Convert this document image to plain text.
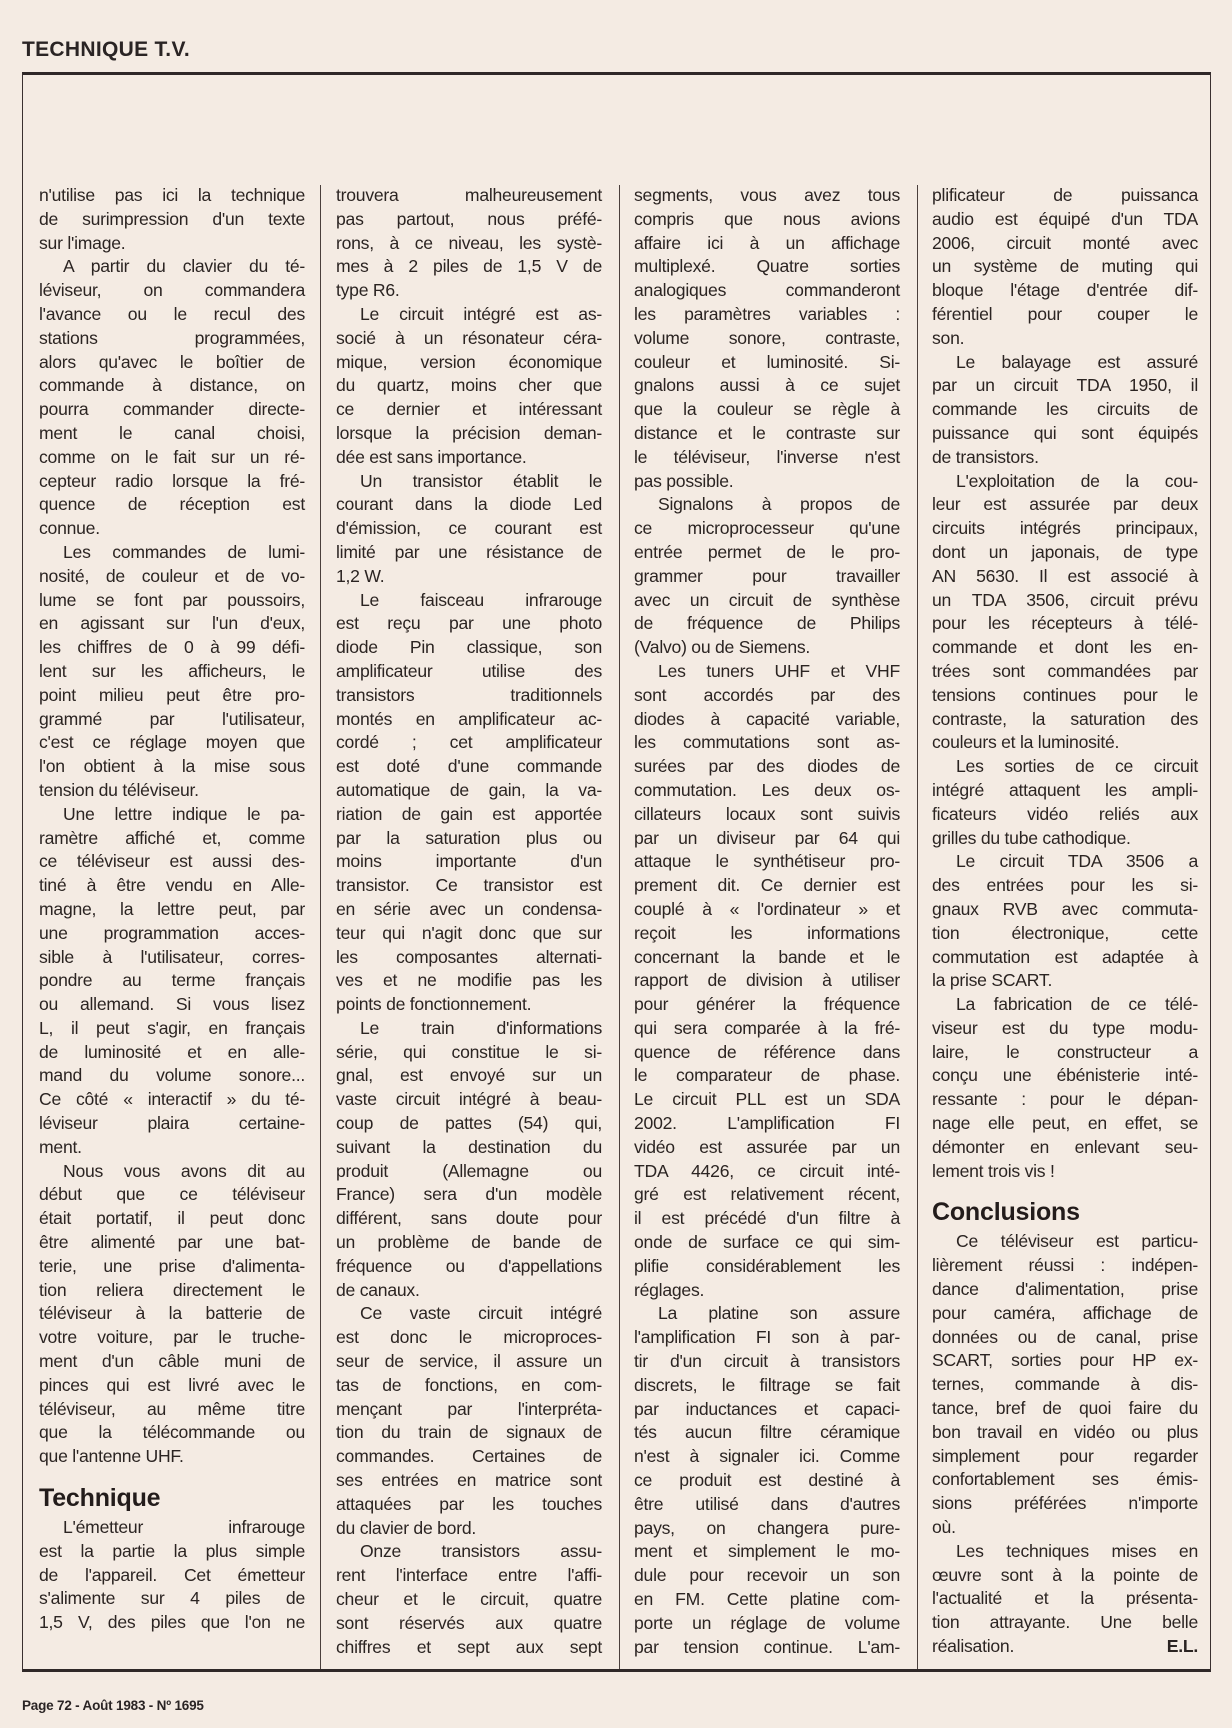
TECHNIQUE T.V.
n'utilise pas ici la technique
de surimpression d'un texte
sur l'image.
A partir du clavier du té-
léviseur, on commandera
l'avance ou le recul des
stations programmées,
alors qu'avec le boîtier de
commande à distance, on
pourra commander directe-
ment le canal choisi,
comme on le fait sur un ré-
cepteur radio lorsque la fré-
quence de réception est
connue.
Les commandes de lumi-
nosité, de couleur et de vo-
lume se font par poussoirs,
en agissant sur l'un d'eux,
les chiffres de 0 à 99 défi-
lent sur les afficheurs, le
point milieu peut être pro-
grammé par l'utilisateur,
c'est ce réglage moyen que
l'on obtient à la mise sous
tension du téléviseur.
Une lettre indique le pa-
ramètre affiché et, comme
ce téléviseur est aussi des-
tiné à être vendu en Alle-
magne, la lettre peut, par
une programmation acces-
sible à l'utilisateur, corres-
pondre au terme français
ou allemand. Si vous lisez
L, il peut s'agir, en français
de luminosité et en alle-
mand du volume sonore...
Ce côté « interactif » du té-
léviseur plaira certaine-
ment.
Nous vous avons dit au
début que ce téléviseur
était portatif, il peut donc
être alimenté par une bat-
terie, une prise d'alimenta-
tion reliera directement le
téléviseur à la batterie de
votre voiture, par le truche-
ment d'un câble muni de
pinces qui est livré avec le
téléviseur, au même titre
que la télécommande ou
que l'antenne UHF.
Technique
L'émetteur infrarouge
est la partie la plus simple
de l'appareil. Cet émetteur
s'alimente sur 4 piles de
1,5 V, des piles que l'on ne
trouvera malheureusement
pas partout, nous préfé-
rons, à ce niveau, les systè-
mes à 2 piles de 1,5 V de
type R6.
Le circuit intégré est as-
socié à un résonateur céra-
mique, version économique
du quartz, moins cher que
ce dernier et intéressant
lorsque la précision deman-
dée est sans importance.
Un transistor établit le
courant dans la diode Led
d'émission, ce courant est
limité par une résistance de
1,2 W.
Le faisceau infrarouge
est reçu par une photo
diode Pin classique, son
amplificateur utilise des
transistors traditionnels
montés en amplificateur ac-
cordé ; cet amplificateur
est doté d'une commande
automatique de gain, la va-
riation de gain est apportée
par la saturation plus ou
moins importante d'un
transistor. Ce transistor est
en série avec un condensa-
teur qui n'agit donc que sur
les composantes alternati-
ves et ne modifie pas les
points de fonctionnement.
Le train d'informations
série, qui constitue le si-
gnal, est envoyé sur un
vaste circuit intégré à beau-
coup de pattes (54) qui,
suivant la destination du
produit (Allemagne ou
France) sera d'un modèle
différent, sans doute pour
un problème de bande de
fréquence ou d'appellations
de canaux.
Ce vaste circuit intégré
est donc le microproces-
seur de service, il assure un
tas de fonctions, en com-
mençant par l'interpréta-
tion du train de signaux de
commandes. Certaines de
ses entrées en matrice sont
attaquées par les touches
du clavier de bord.
Onze transistors assu-
rent l'interface entre l'affi-
cheur et le circuit, quatre
sont réservés aux quatre
chiffres et sept aux sept
segments, vous avez tous
compris que nous avions
affaire ici à un affichage
multiplexé. Quatre sorties
analogiques commanderont
les paramètres variables :
volume sonore, contraste,
couleur et luminosité. Si-
gnalons aussi à ce sujet
que la couleur se règle à
distance et le contraste sur
le téléviseur, l'inverse n'est
pas possible.
Signalons à propos de
ce microprocesseur qu'une
entrée permet de le pro-
grammer pour travailler
avec un circuit de synthèse
de fréquence de Philips
(Valvo) ou de Siemens.
Les tuners UHF et VHF
sont accordés par des
diodes à capacité variable,
les commutations sont as-
surées par des diodes de
commutation. Les deux os-
cillateurs locaux sont suivis
par un diviseur par 64 qui
attaque le synthétiseur pro-
prement dit. Ce dernier est
couplé à « l'ordinateur » et
reçoit les informations
concernant la bande et le
rapport de division à utiliser
pour générer la fréquence
qui sera comparée à la fré-
quence de référence dans
le comparateur de phase.
Le circuit PLL est un SDA
2002. L'amplification FI
vidéo est assurée par un
TDA 4426, ce circuit inté-
gré est relativement récent,
il est précédé d'un filtre à
onde de surface ce qui sim-
plifie considérablement les
réglages.
La platine son assure
l'amplification FI son à par-
tir d'un circuit à transistors
discrets, le filtrage se fait
par inductances et capaci-
tés aucun filtre céramique
n'est à signaler ici. Comme
ce produit est destiné à
être utilisé dans d'autres
pays, on changera pure-
ment et simplement le mo-
dule pour recevoir un son
en FM. Cette platine com-
porte un réglage de volume
par tension continue. L'am-
plificateur de puissanca
audio est équipé d'un TDA
2006, circuit monté avec
un système de muting qui
bloque l'étage d'entrée dif-
férentiel pour couper le
son.
Le balayage est assuré
par un circuit TDA 1950, il
commande les circuits de
puissance qui sont équipés
de transistors.
L'exploitation de la cou-
leur est assurée par deux
circuits intégrés principaux,
dont un japonais, de type
AN 5630. Il est associé à
un TDA 3506, circuit prévu
pour les récepteurs à télé-
commande et dont les en-
trées sont commandées par
tensions continues pour le
contraste, la saturation des
couleurs et la luminosité.
Les sorties de ce circuit
intégré attaquent les ampli-
ficateurs vidéo reliés aux
grilles du tube cathodique.
Le circuit TDA 3506 a
des entrées pour les si-
gnaux RVB avec commuta-
tion électronique, cette
commutation est adaptée à
la prise SCART.
La fabrication de ce télé-
viseur est du type modu-
laire, le constructeur a
conçu une ébénisterie inté-
ressante : pour le dépan-
nage elle peut, en effet, se
démonter en enlevant seu-
lement trois vis !
Conclusions
Ce téléviseur est particu-
lièrement réussi : indépen-
dance d'alimentation, prise
pour caméra, affichage de
données ou de canal, prise
SCART, sorties pour HP ex-
ternes, commande à dis-
tance, bref de quoi faire du
bon travail en vidéo ou plus
simplement pour regarder
confortablement ses émis-
sions préférées n'importe
où.
Les techniques mises en
œuvre sont à la pointe de
l'actualité et la présenta-
tion attrayante. Une belle
réalisation.	E.L.
Page 72 - Août 1983 - Nº 1695
